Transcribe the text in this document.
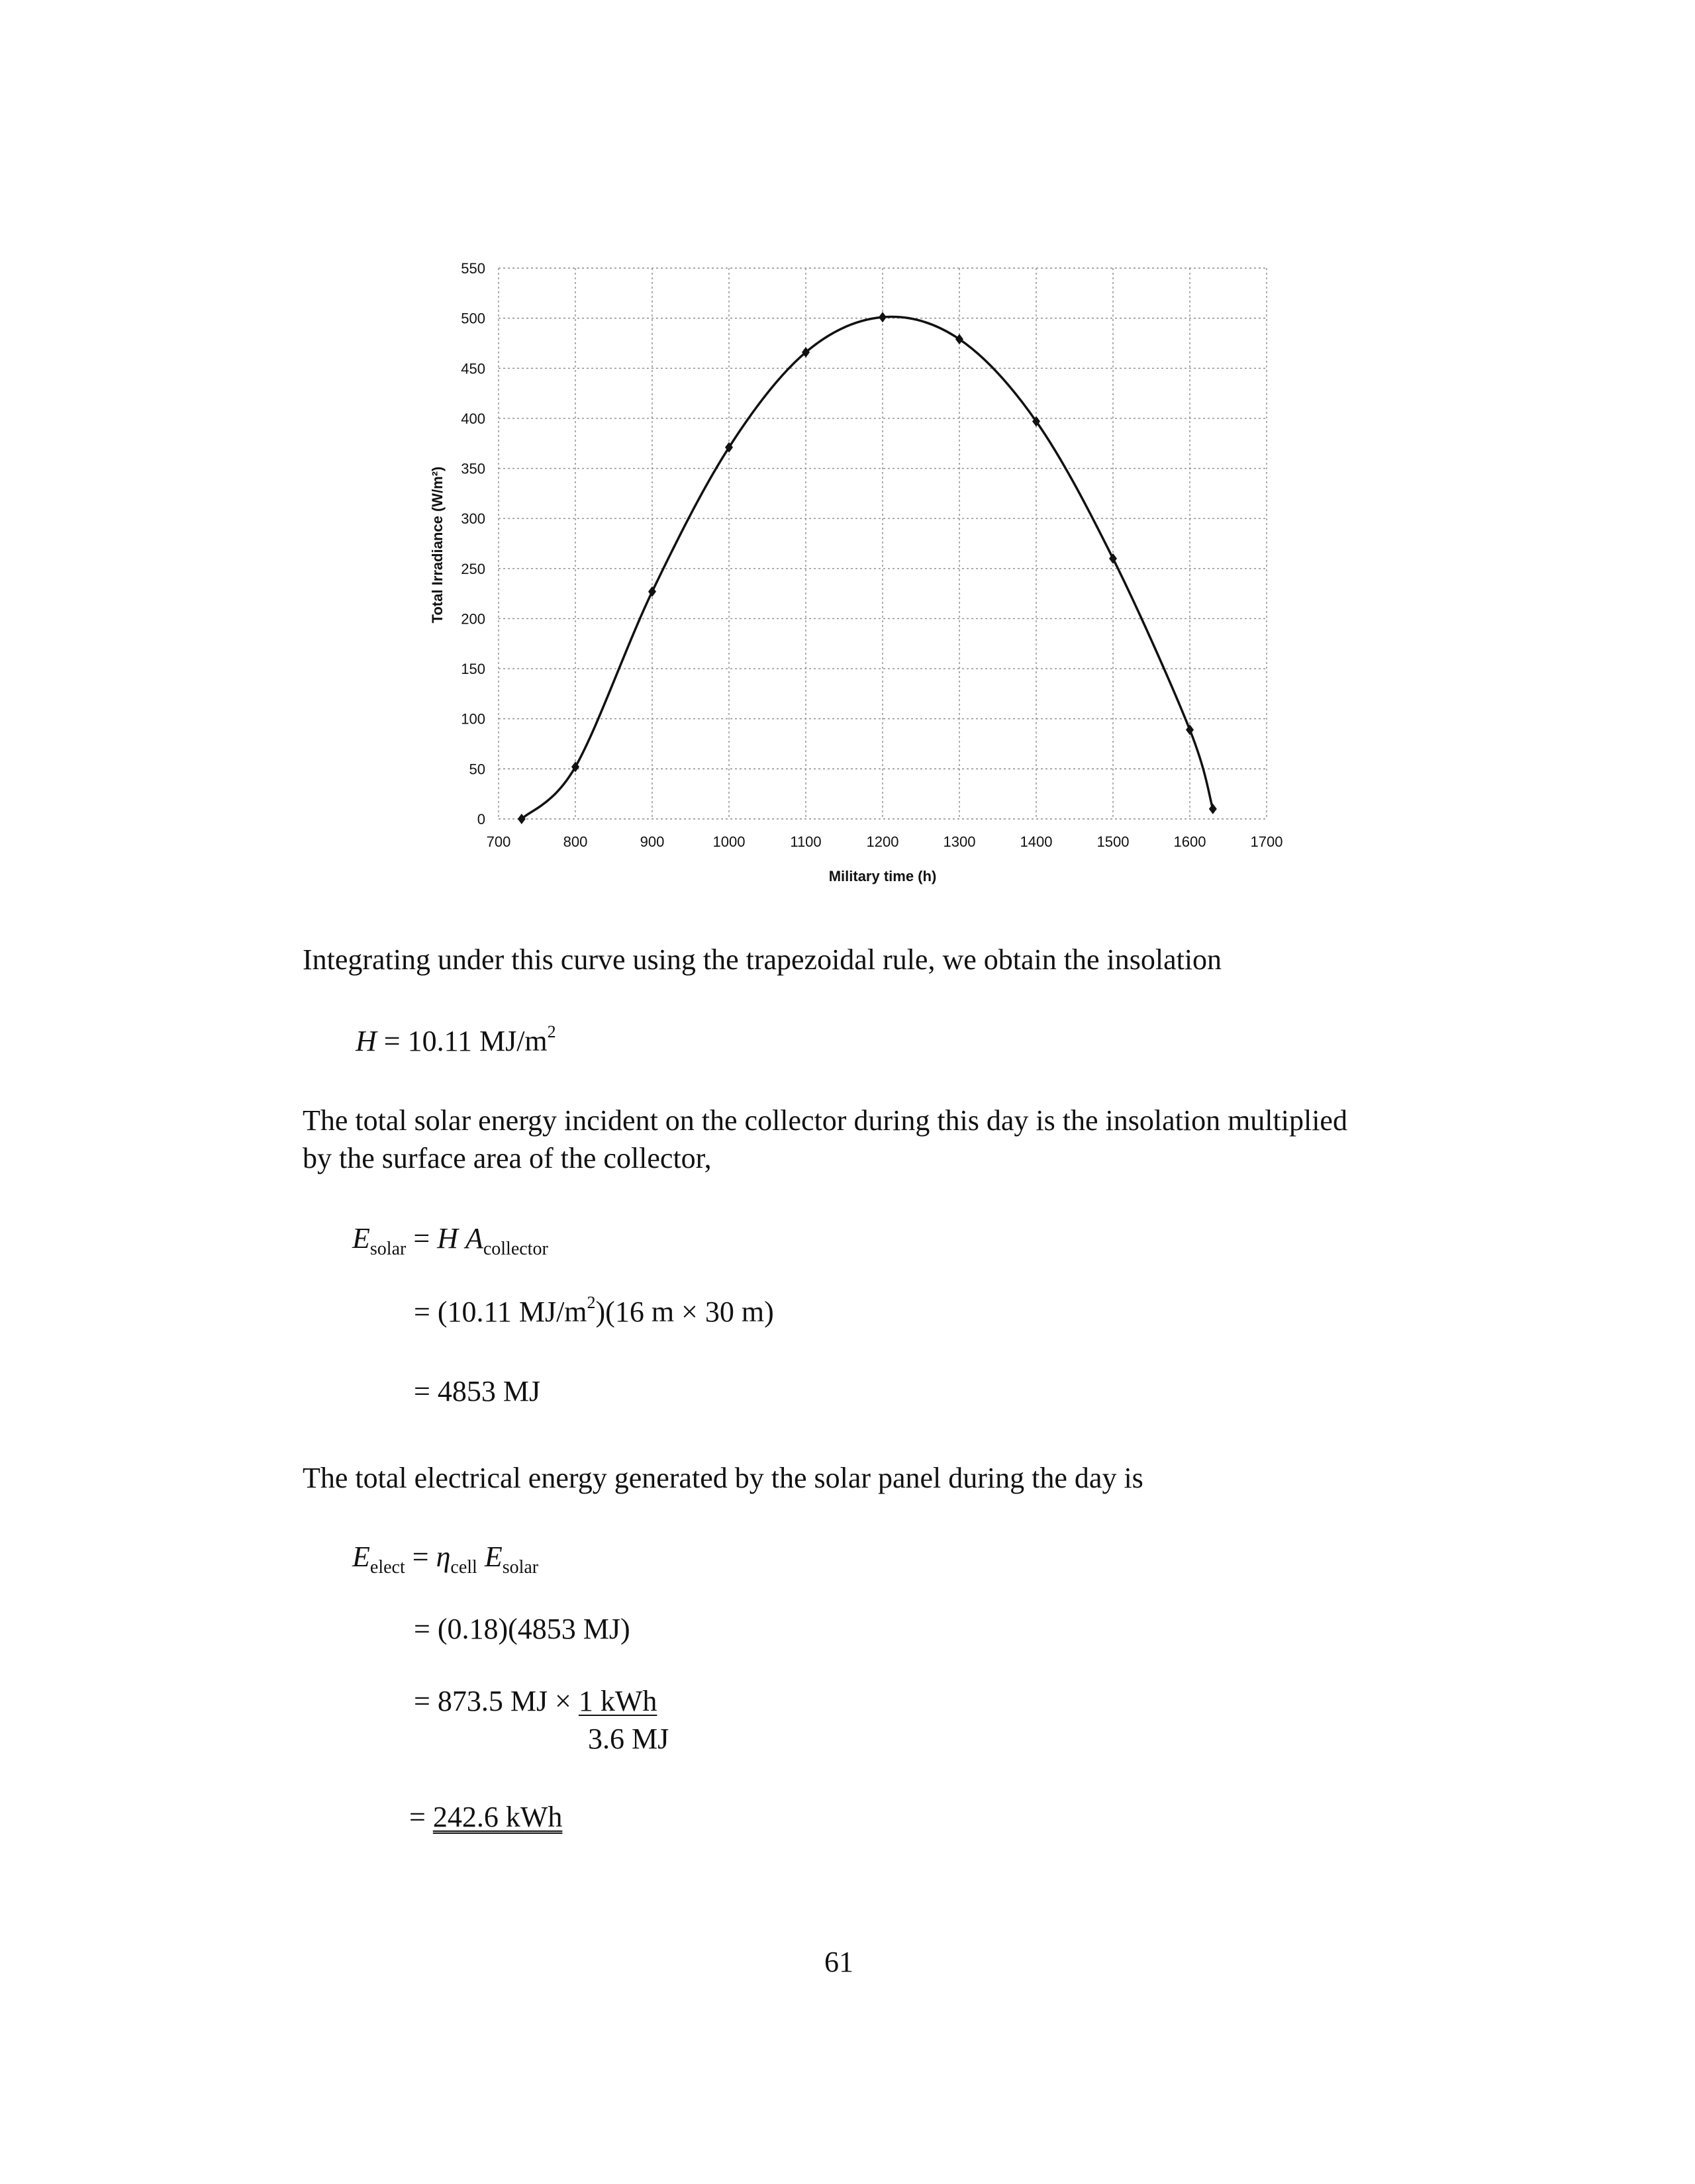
0
50
100
150
200
250
300
350
400
450
500
550
700	800	900	1000	1100	1200	1300	1400	1500	1600	1700
Military time (h)
Total Irradiance (W/m²)
Integrating under this curve using the trapezoidal rule, we obtain the insolation
H = 10.11 $MJ/m^2$
The total solar energy incident on the collector during this day is the insolation multiplied
by the surface area of the collector,
$E_{solar} = H$ $A_{collector}$
= (10.11 $MJ/m^2)(16$ m × 30 m)
= 4853 MJ
The total electrical energy generated by the solar panel during the day is
$E_{elect} = \eta_{cell}$ $E_{solar}$
= (0.18)(4853 MJ)
= 873.5 MJ × 1 kWh
3.6 MJ
= 242.6 kWh
61
